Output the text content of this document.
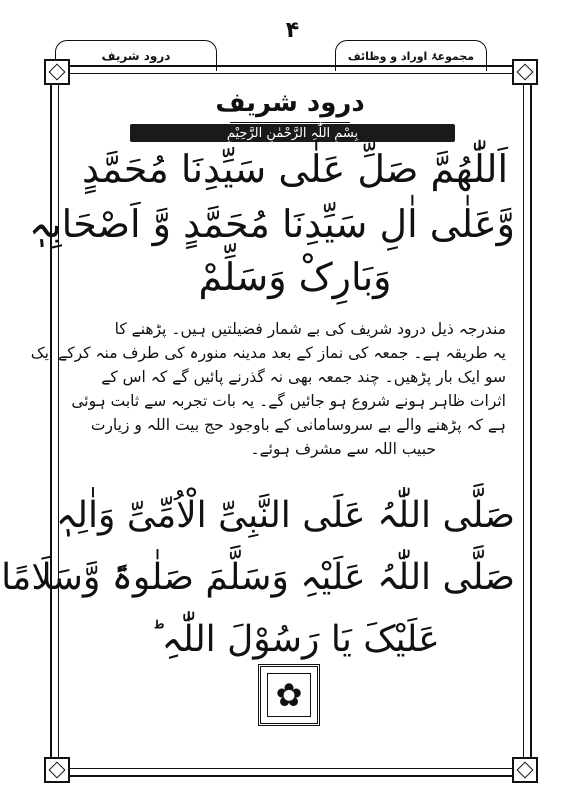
۴
درود شریف	مجموعۂ اوراد و وظائف
درود شریف
بِسْمِ اللّٰہِ الرَّحْمٰنِ الرَّحِیْمِ
اَللّٰھُمَّ صَلِّ عَلٰی سَیِّدِنَا مُحَمَّدٍ
وَّعَلٰی اٰلِ سَیِّدِنَا مُحَمَّدٍ وَّ اَصْحَابِہٖ
وَبَارِکْ وَسَلِّمْ
مندرجہ ذیل درود شریف کی بے شمار فضیلتیں ہیں۔ پڑھنے کا
یہ طریقہ ہے۔ جمعہ کی نماز کے بعد مدینہ منورہ کی طرف منہ کرکے ایک
سو ایک بار پڑھیں۔ چند جمعہ بھی نہ گذرنے پائیں گے کہ اس کے
اثرات ظاہر ہونے شروع ہو جائیں گے۔ یہ بات تجربہ سے ثابت ہوئی
ہے کہ پڑھنے والے بے سروسامانی کے باوجود حج بیت اللہ و زیارت
حبیب اللہ سے مشرف ہوئے۔
صَلَّی اللّٰہُ عَلَی النَّبِیِّ الْاُمِّیِّ وَاٰلِہٖ
صَلَّی اللّٰہُ عَلَیْہِ وَسَلَّمَ صَلٰوۃً وَّسَلَامًا
عَلَیْکَ یَا رَسُوْلَ اللّٰہِ ؕ
✿
